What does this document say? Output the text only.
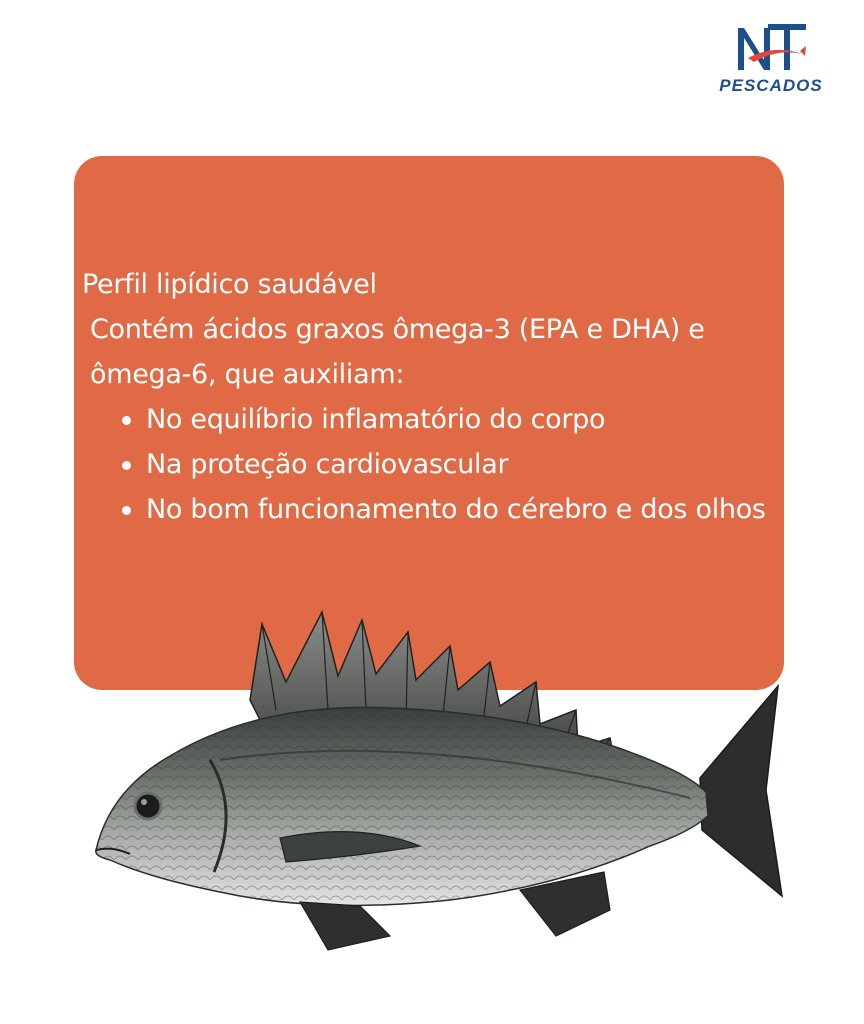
PESCADOS

Perfil lipídico saudável

Contém ácidos graxos ômega-3 (EPA e DHA) e ômega-6, que auxiliam:

No equilíbrio inflamatório do corpo
Na proteção cardiovascular
No bom funcionamento do cérebro e dos olhos
